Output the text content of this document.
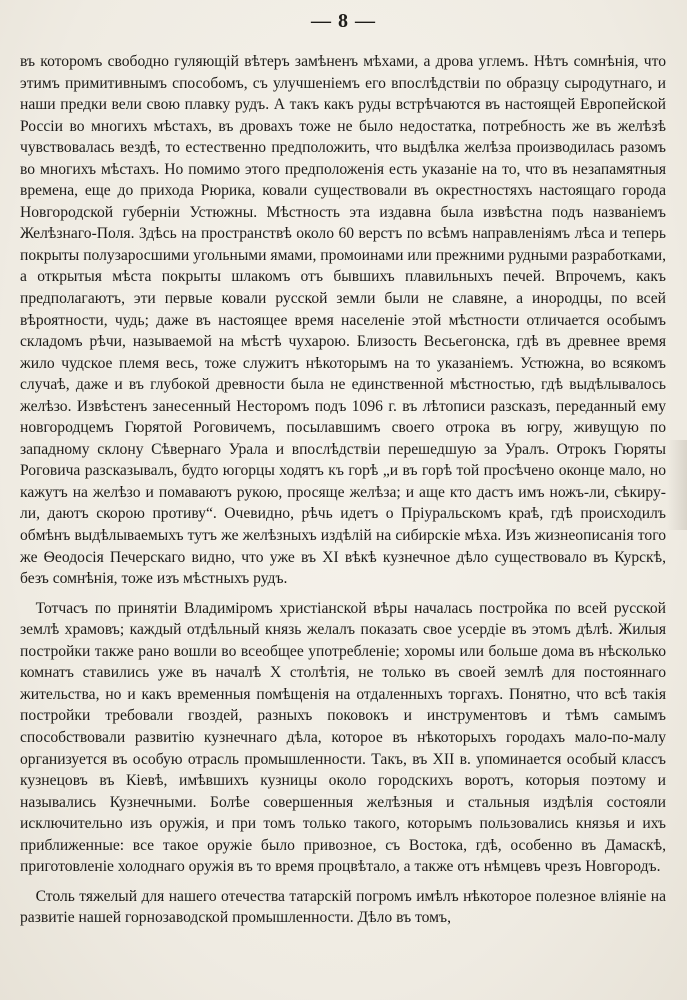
— 8 —

въ которомъ свободно гуляющій вѣтеръ замѣненъ мѣхами, а дрова углемъ. Нѣтъ сомнѣнія, что этимъ примитивнымъ способомъ, съ улучшеніемъ его впослѣдствіи по образцу сыродутнаго, и наши предки вели свою плавку рудъ. А такъ какъ руды встрѣчаются въ настоящей Европейской Россіи во многихъ мѣстахъ, въ дровахъ тоже не было недостатка, потребность же въ желѣзѣ чувствовалась вездѣ, то естественно предположить, что выдѣлка желѣза производилась разомъ во многихъ мѣстахъ. Но помимо этого предположенія есть указаніе на то, что въ незапамятныя времена, еще до прихода Рюрика, ковали существовали въ окрестностяхъ настоящаго города Новгородской губерніи Устюжны. Мѣстность эта издавна была извѣстна подъ названіемъ Желѣзнаго-Поля. Здѣсь на пространствѣ около 60 верстъ по всѣмъ направленіямъ лѣса и теперь покрыты полузаросшими угольными ямами, промоинами или прежними рудными разработками, а открытыя мѣста покрыты шлакомъ отъ бывшихъ плавильныхъ печей. Впрочемъ, какъ предполагаютъ, эти первые ковали русской земли были не славяне, а инородцы, по всей вѣроятности, чудь; даже въ настоящее время населеніе этой мѣстности отличается особымъ складомъ рѣчи, называемой на мѣстѣ чухарою. Близость Весьегонска, гдѣ въ древнее время жило чудское племя весь, тоже служитъ нѣкоторымъ на то указаніемъ. Устюжна, во всякомъ случаѣ, даже и въ глубокой древности была не единственной мѣстностью, гдѣ выдѣлывалось желѣзо. Извѣстенъ занесенный Несторомъ подъ 1096 г. въ лѣтописи разсказъ, переданный ему новгородцемъ Гюрятой Роговичемъ, посылавшимъ своего отрока въ югру, живущую по западному склону Сѣвернаго Урала и впослѣдствіи перешедшую за Уралъ. Отрокъ Гюряты Роговича разсказывалъ, будто югорцы ходятъ къ горѣ „и въ горѣ той просѣчено оконце мало, но кажутъ на желѣзо и помаваютъ рукою, просяще желѣза; и аще кто дастъ имъ ножъ-ли, сѣкиру-ли, даютъ скорою противу“. Очевидно, рѣчь идетъ о Пріуральскомъ краѣ, гдѣ происходилъ обмѣнъ выдѣлываемыхъ тутъ же желѣзныхъ издѣлій на сибирскіе мѣха. Изъ жизнеописанія того же Ѳеодосія Печерскаго видно, что уже въ XI вѣкѣ кузнечное дѣло существовало въ Курскѣ, безъ сомнѣнія, тоже изъ мѣстныхъ рудъ.

 Тотчасъ по принятіи Владиміромъ христіанской вѣры началась постройка по всей русской землѣ храмовъ; каждый отдѣльный князь желалъ показать свое усердіе въ этомъ дѣлѣ. Жилыя постройки также рано вошли во всеобщее употребленіе; хоромы или больше дома въ нѣсколько комнатъ ставились уже въ началѣ X столѣтія, не только въ своей землѣ для постояннаго жительства, но и какъ временныя помѣщенія на отдаленныхъ торгахъ. Понятно, что всѣ такія постройки требовали гвоздей, разныхъ поковокъ и инструментовъ и тѣмъ самымъ способствовали развитію кузнечнаго дѣла, которое въ нѣкоторыхъ городахъ мало-по-малу организуется въ особую отрасль промышленности. Такъ, въ XII в. упоминается особый классъ кузнецовъ въ Кіевѣ, имѣвшихъ кузницы около городскихъ воротъ, которыя поэтому и назывались Кузнечными. Болѣе совершенныя желѣзныя и стальныя издѣлія состояли исключительно изъ оружія, и при томъ только такого, которымъ пользовались князья и ихъ приближенные: все такое оружіе было привозное, съ Востока, гдѣ, особенно въ Дамаскѣ, приготовленіе холоднаго оружія въ то время процвѣтало, а также отъ нѣмцевъ чрезъ Новгородъ.

 Столь тяжелый для нашего отечества татарскій погромъ имѣлъ нѣкоторое полезное вліяніе на развитіе нашей горнозаводской промышленности. Дѣло въ томъ,
